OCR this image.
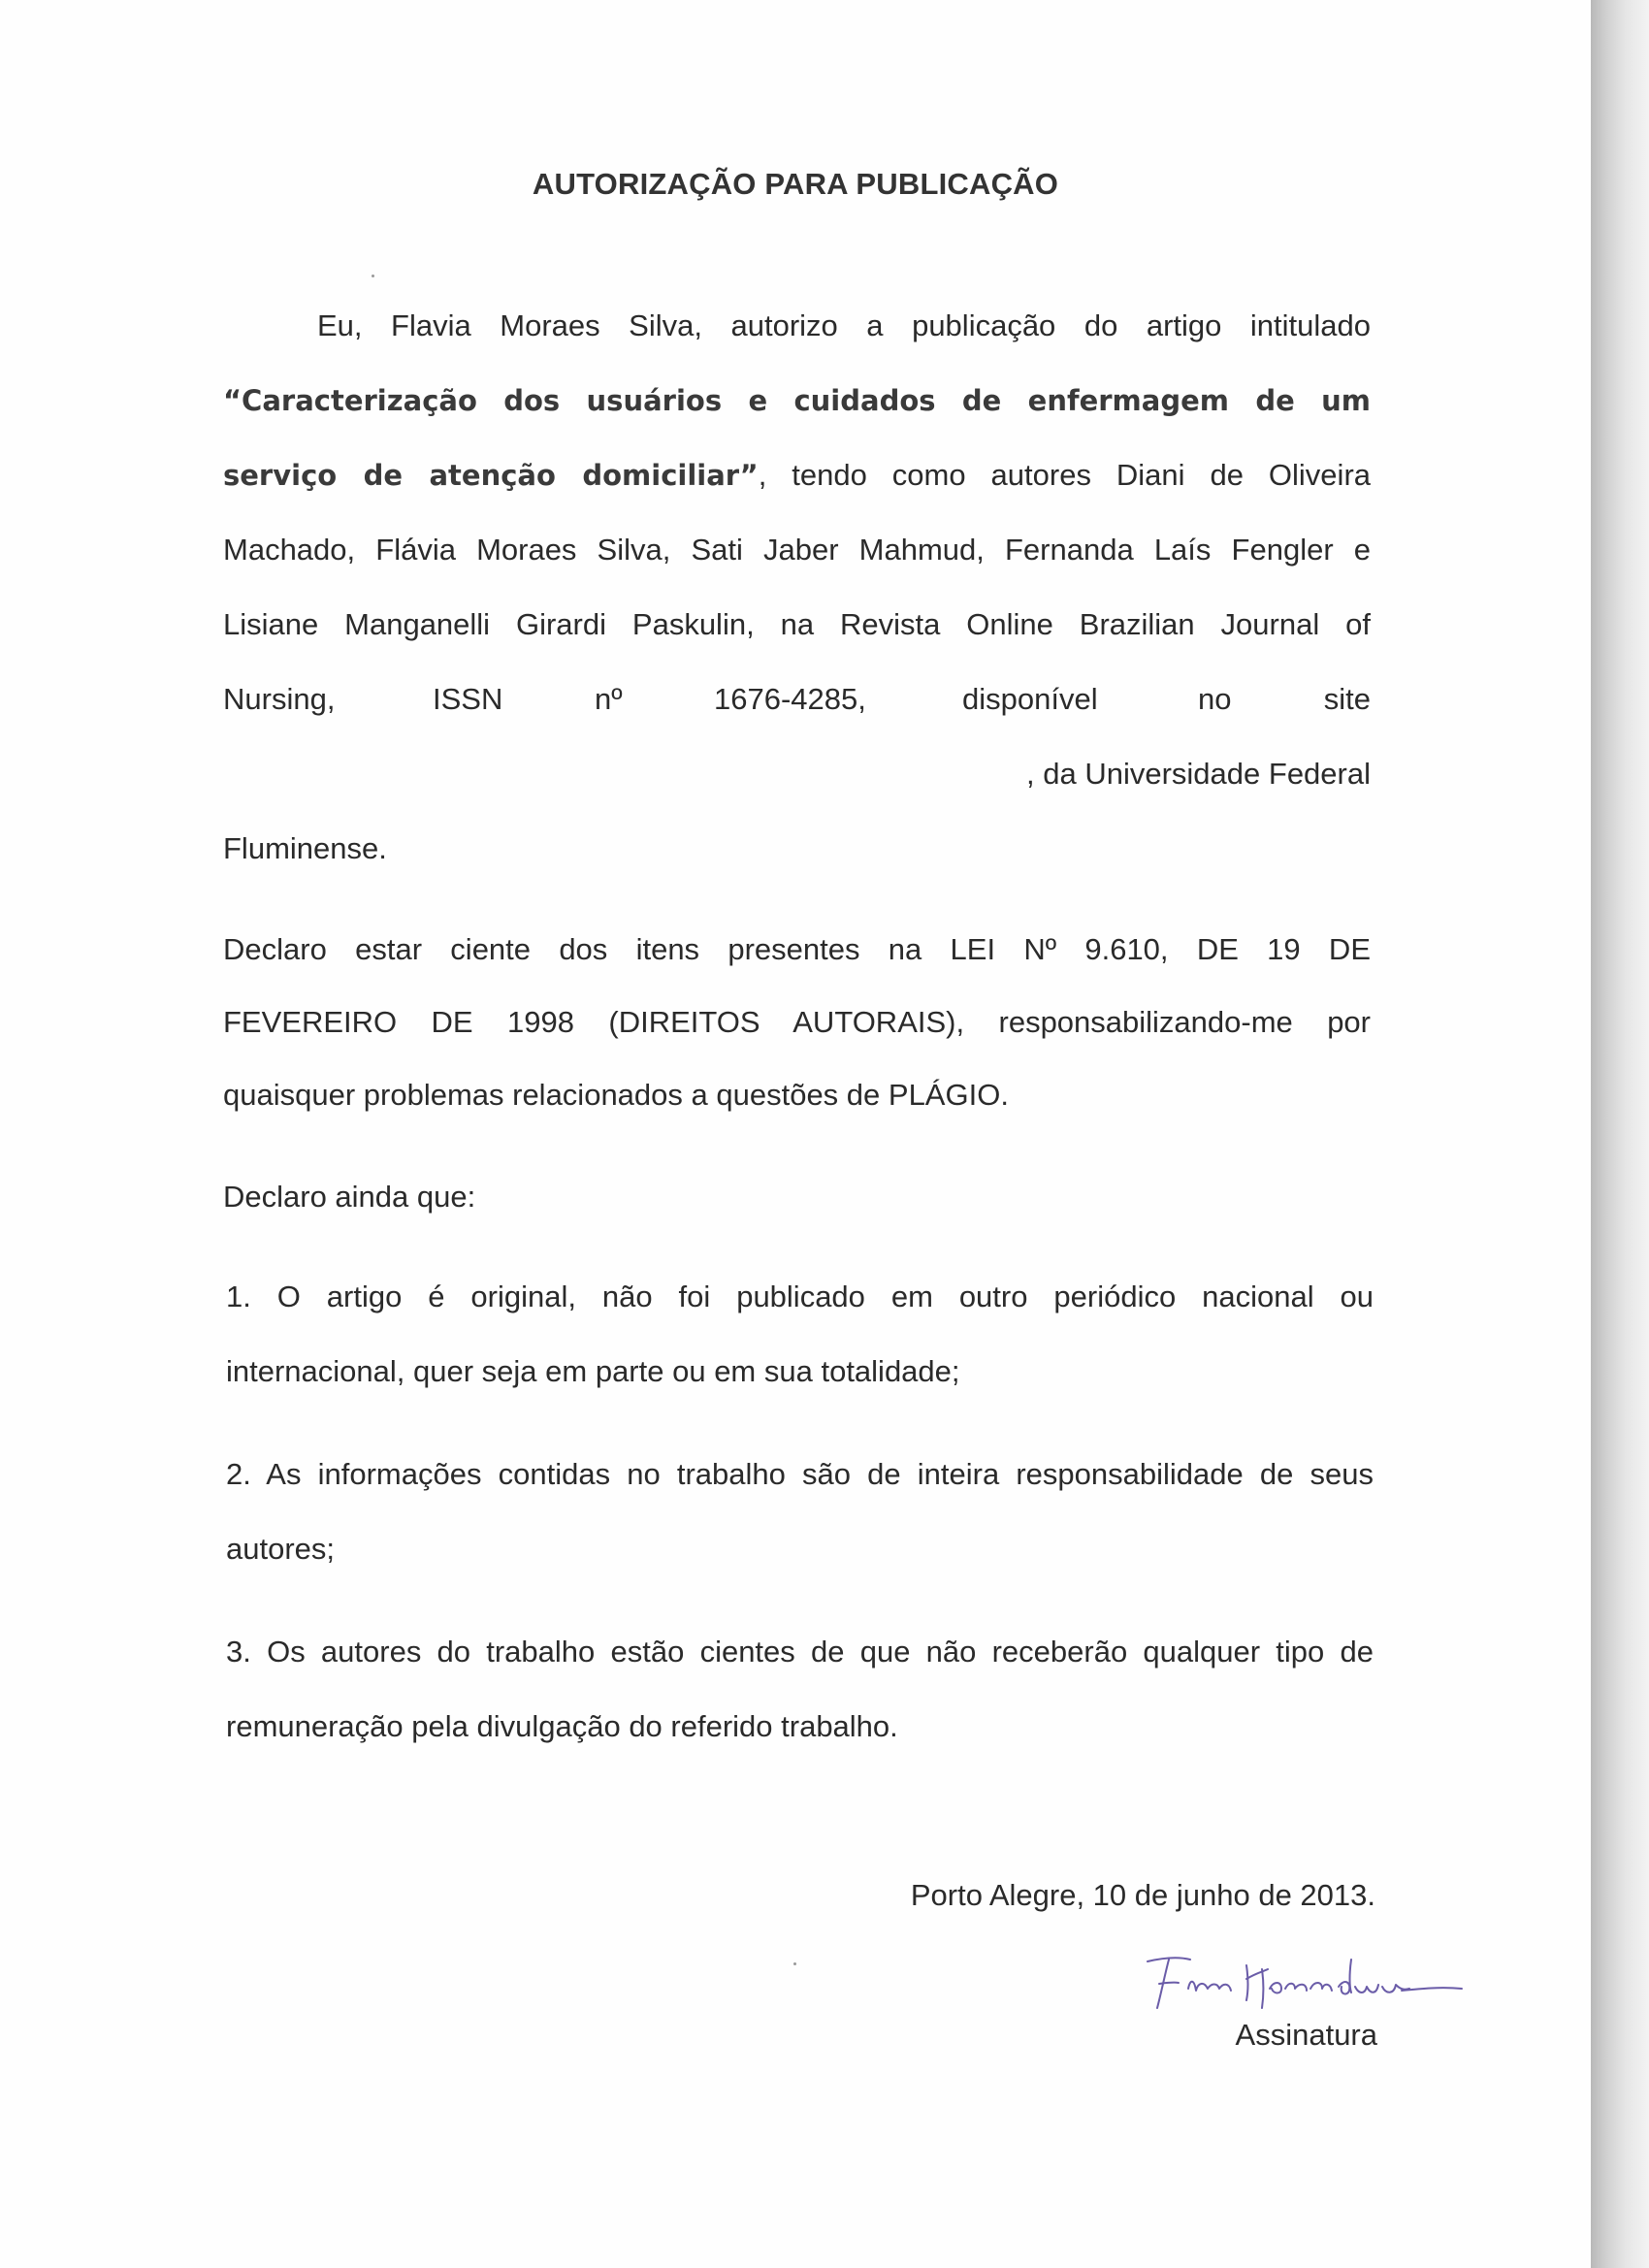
AUTORIZAÇÃO PARA PUBLICAÇÃO
Eu, Flavia Moraes Silva, autorizo a publicação do artigo intitulado
“Caracterização dos usuários e cuidados de enfermagem de um
serviço de atenção domiciliar”, tendo como autores Diani de Oliveira
Machado, Flávia Moraes Silva, Sati Jaber Mahmud, Fernanda Laís Fengler e
Lisiane Manganelli Girardi Paskulin, na Revista Online Brazilian Journal of
Nursing,	ISSN	nº	1676-4285,	disponível	no	site
, da Universidade Federal
Fluminense.
Declaro estar ciente dos itens presentes na LEI Nº 9.610, DE 19 DE
FEVEREIRO DE 1998 (DIREITOS AUTORAIS), responsabilizando-me por
quaisquer problemas relacionados a questões de PLÁGIO.
Declaro ainda que:
1. O artigo é original, não foi publicado em outro periódico nacional ou
internacional, quer seja em parte ou em sua totalidade;
2. As informações contidas no trabalho são de inteira responsabilidade de seus
autores;
3. Os autores do trabalho estão cientes de que não receberão qualquer tipo de
remuneração pela divulgação do referido trabalho.
Porto Alegre, 10 de junho de 2013.
Assinatura
